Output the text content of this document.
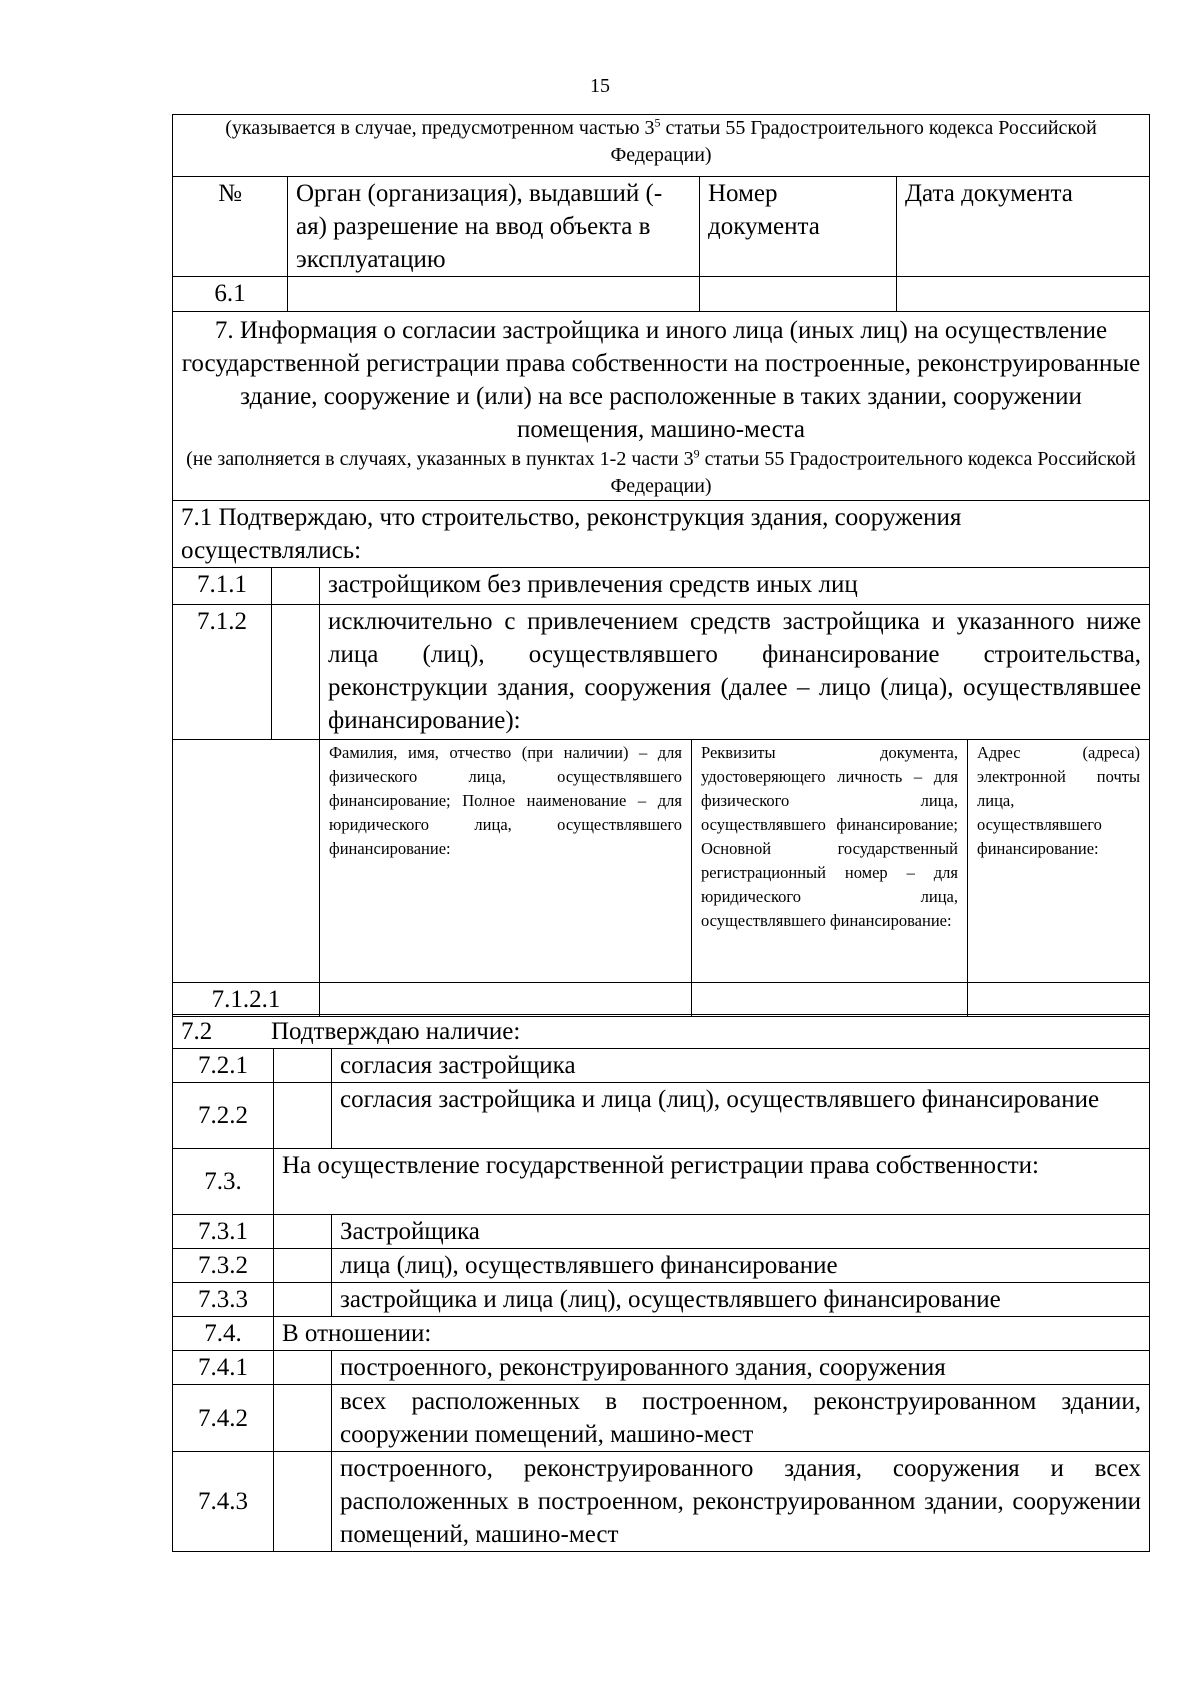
15
(указывается в случае, предусмотренном частью $3^5$ статьи 55 Градостроительного кодекса Российской Федерации)			
№	Орган (организация), выдавший (-ая) разрешение на ввод объекта в эксплуатацию	Номер документа	Дата документа
6.1			

7. Информация о согласии застройщика и иного лица (иных лиц) на осуществление государственной регистрации права собственности на построенные, реконструированные здание, сооружение и (или) на все расположенные в таких здании, сооружении помещения, машино-места
(не заполняется в случаях, указанных в пунктах 1-2 части $3^9$ статьи 55 Градостроительного кодекса Российской Федерации)			
7.1 Подтверждаю, что строительство, реконструкция здания, сооружения осуществлялись:				
7.1.1		застройщиком без привлечения средств иных лиц		
7.1.2		исключительно с привлечением средств застройщика и указанного ниже лица (лиц), осуществлявшего финансирование строительства, реконструкции здания, сооружения (далее – лицо (лица), осуществлявшее финансирование):		
		Фамилия, имя, отчество (при наличии) – для физического лица, осуществлявшего финансирование; Полное наименование – для юридического лица, осуществлявшего финансирование:	Реквизиты документа, удостоверяющего личность – для физического лица, осуществлявшего финансирование; Основной государственный регистрационный номер – для юридического лица, осуществлявшего финансирование:	Адрес (адреса) электронной почты лица, осуществлявшего финансирование:
7.1.2.1				
7.2 Подтверждаю наличие:		
7.2.1		согласия застройщика
7.2.2		согласия застройщика и лица (лиц), осуществлявшего финансирование
7.3.	На осуществление государственной регистрации права собственности:	
7.3.1		Застройщика
7.3.2		лица (лиц), осуществлявшего финансирование
7.3.3		застройщика и лица (лиц), осуществлявшего финансирование
7.4.	В отношении:	
7.4.1		построенного, реконструированного здания, сооружения
7.4.2		всех расположенных в построенном, реконструированном здании, сооружении помещений, машино-мест
7.4.3		построенного, реконструированного здания, сооружения и всех расположенных в построенном, реконструированном здании, сооружении помещений, машино-мест
